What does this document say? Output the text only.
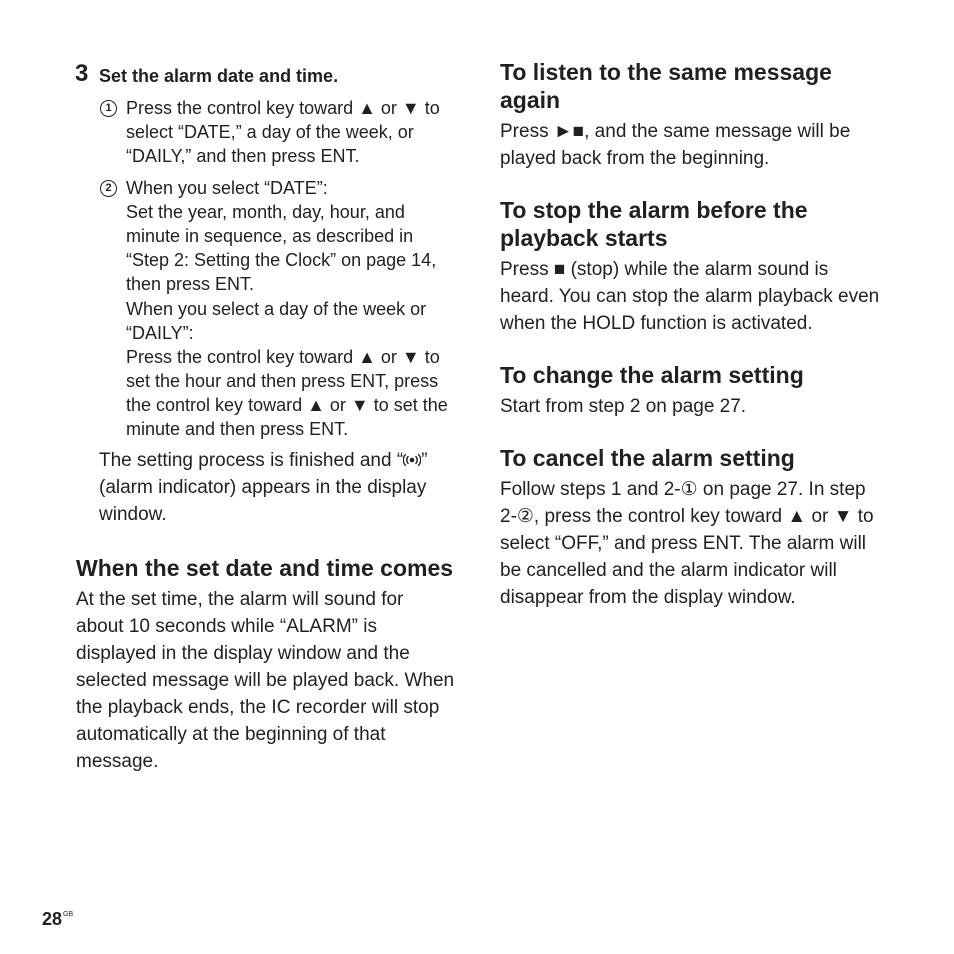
3 Set the alarm date and time.
1 Press the control key toward ▲ or ▼ to select “DATE,” a day of the week, or “DAILY,” and then press ENT.
2 When you select “DATE”:
Set the year, month, day, hour, and minute in sequence, as described in “Step 2: Setting the Clock” on page 14, then press ENT.
When you select a day of the week or “DAILY”:
Press the control key toward ▲ or ▼ to set the hour and then press ENT, press the control key toward ▲ or ▼ to set the minute and then press ENT.
The setting process is finished and “ ” (alarm indicator) appears in the display window.
When the set date and time comes

At the set time, the alarm will sound for about 10 seconds while “ALARM” is displayed in the display window and the selected message will be played back. When the playback ends, the IC recorder will stop automatically at the beginning of that message.

To listen to the same message again

Press ►■, and the same message will be played back from the beginning.

To stop the alarm before the playback starts

Press ■ (stop) while the alarm sound is heard. You can stop the alarm playback even when the HOLD function is activated.

To change the alarm setting

Start from step 2 on page 27.

To cancel the alarm setting

Follow steps 1 and 2-① on page 27. In step 2-②, press the control key toward ▲ or ▼ to select “OFF,” and press ENT. The alarm will be cancelled and the alarm indicator will disappear from the display window.

$28^{GB}$
